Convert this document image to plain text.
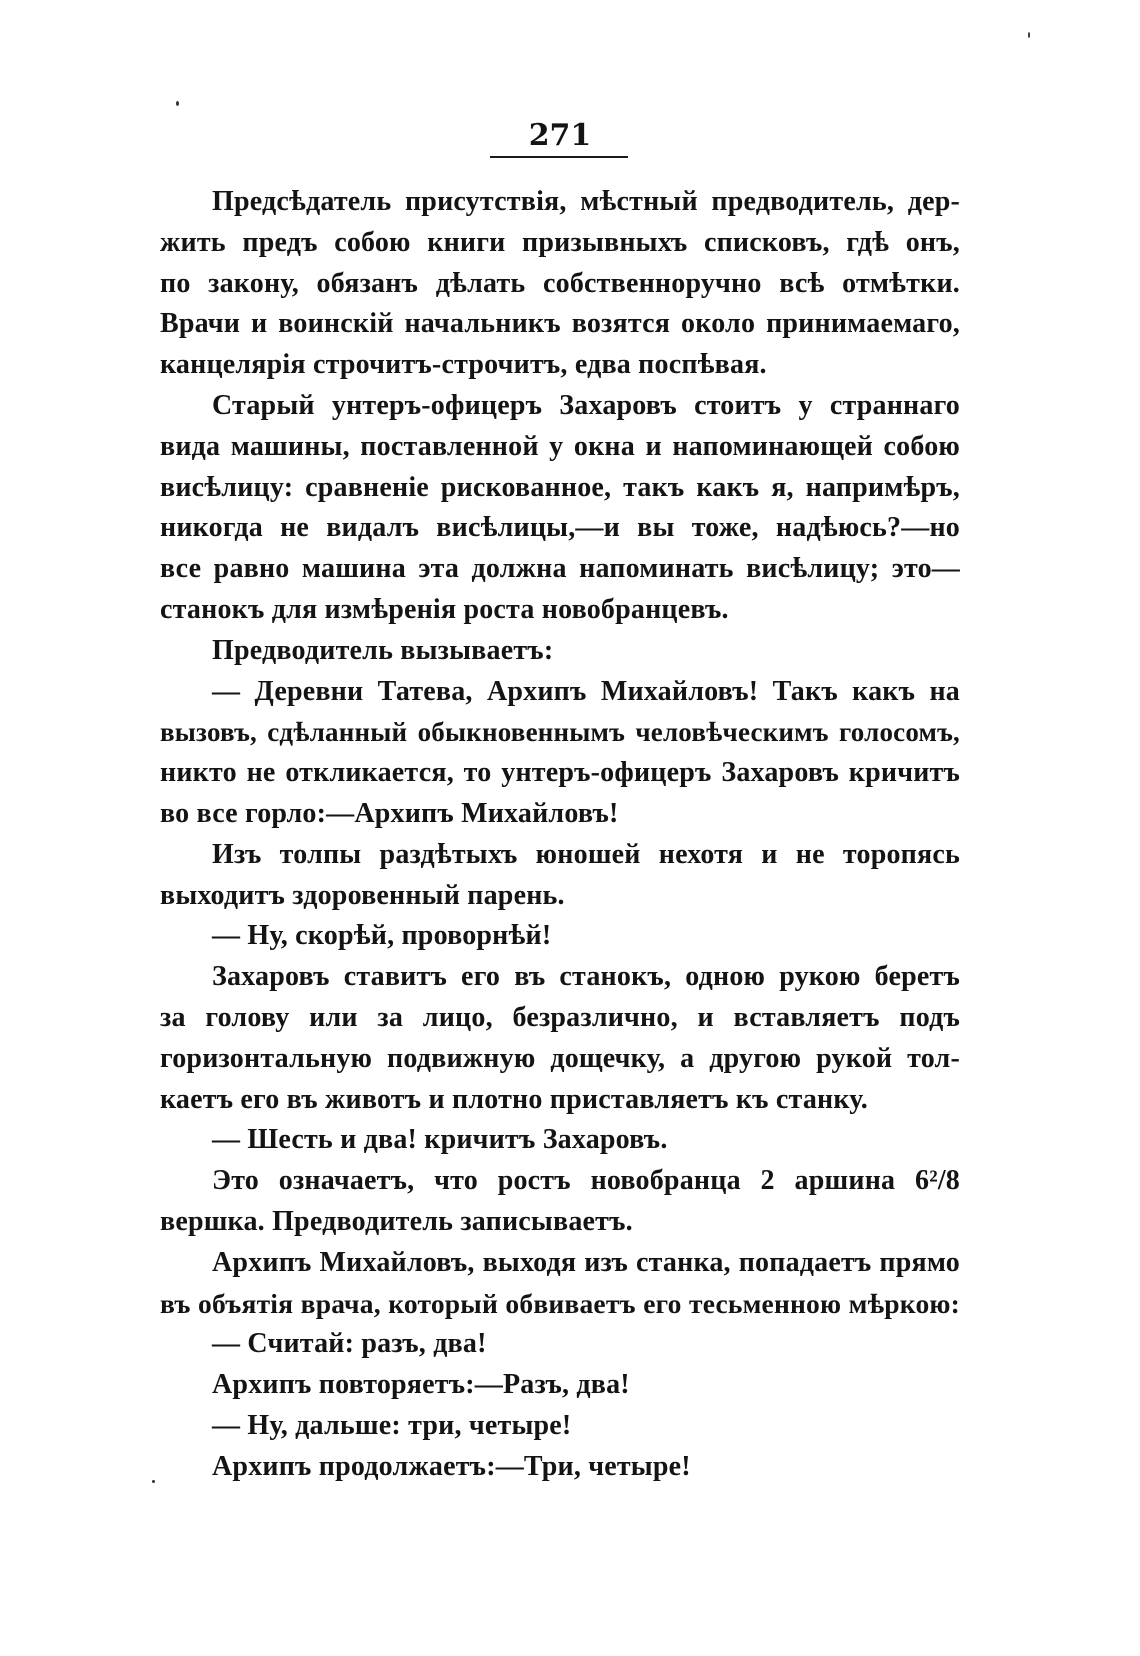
271
Предсѣдатель присутствія, мѣстный предводитель, дер-
жить предъ собою книги призывныхъ списковъ, гдѣ онъ,
по закону, обязанъ дѣлать собственноручно всѣ отмѣтки.
Врачи и воинскій начальникъ возятся около принимаемаго,
канцелярія строчитъ-строчитъ, едва поспѣвая.
Старый унтеръ-офицеръ Захаровъ стоитъ у страннаго
вида машины, поставленной у окна и напоминающей собою
висѣлицу: сравненіе рискованное, такъ какъ я, напримѣръ,
никогда не видалъ висѣлицы,—и вы тоже, надѣюсь?—но
все равно машина эта должна напоминать висѣлицу; это—
станокъ для измѣренія роста новобранцевъ.
Предводитель вызываетъ:
— Деревни Татева, Архипъ Михайловъ! Такъ какъ на
вызовъ, сдѣланный обыкновеннымъ человѣческимъ голосомъ,
никто не откликается, то унтеръ-офицеръ Захаровъ кричитъ
во все горло:—Архипъ Михайловъ!
Изъ толпы раздѣтыхъ юношей нехотя и не торопясь
выходитъ здоровенный парень.
— Ну, скорѣй, проворнѣй!
Захаровъ ставитъ его въ станокъ, одною рукою беретъ
за голову или за лицо, безразлично, и вставляетъ подъ
горизонтальную подвижную дощечку, а другою рукой тол-
каетъ его въ животъ и плотно приставляетъ къ станку.
— Шесть и два! кричитъ Захаровъ.
Это означаетъ, что ростъ новобранца 2 аршина 6²/8
вершка. Предводитель записываетъ.
Архипъ Михайловъ, выходя изъ станка, попадаетъ прямо
въ объятія врача, который обвиваетъ его тесьменною мѣркою:
— Считай: разъ, два!
Архипъ повторяетъ:—Разъ, два!
— Ну, дальше: три, четыре!
Архипъ продолжаетъ:—Три, четыре!
